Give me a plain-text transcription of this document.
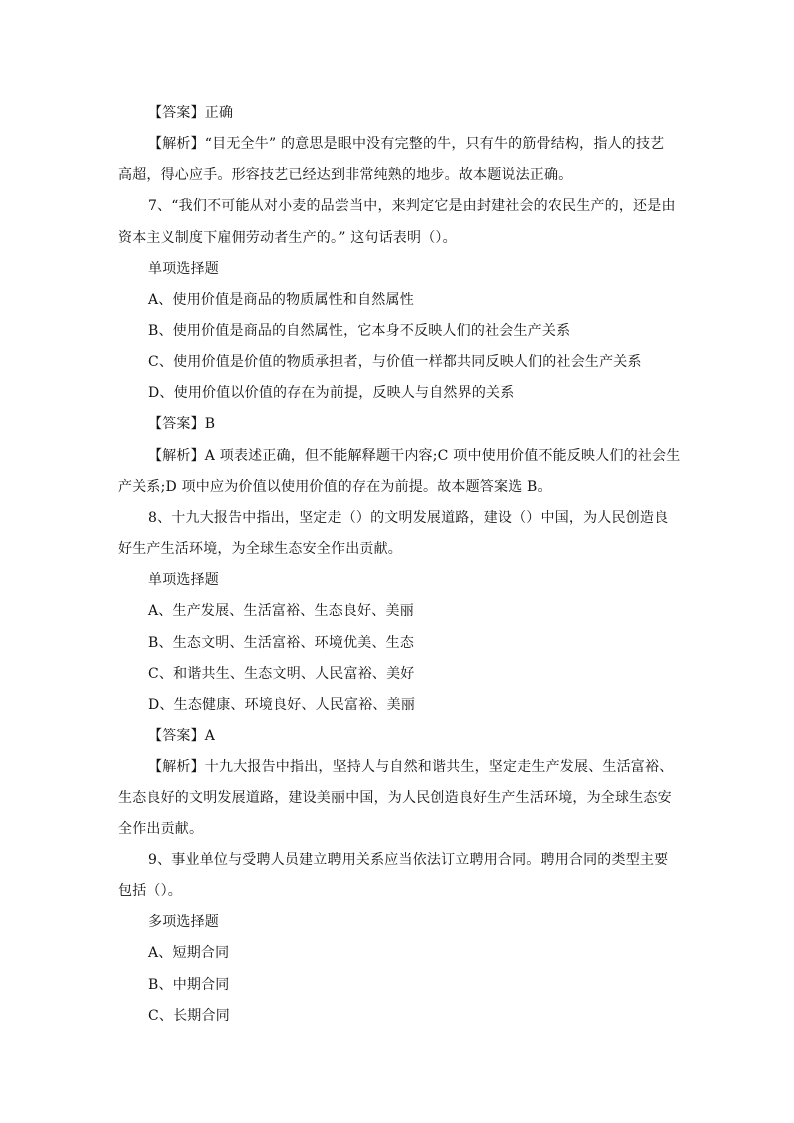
【答案】正确
【解析】“目无全牛” 的意思是眼中没有完整的牛，只有牛的筋骨结构，指人的技艺
高超，得心应手。形容技艺已经达到非常纯熟的地步。故本题说法正确。
7、“我们不可能从对小麦的品尝当中，来判定它是由封建社会的农民生产的，还是由
资本主义制度下雇佣劳动者生产的。” 这句话表明（）。
单项选择题
A、使用价值是商品的物质属性和自然属性
B、使用价值是商品的自然属性，它本身不反映人们的社会生产关系
C、使用价值是价值的物质承担者，与价值一样都共同反映人们的社会生产关系
D、使用价值以价值的存在为前提，反映人与自然界的关系
【答案】B
【解析】A 项表述正确，但不能解释题干内容;C 项中使用价值不能反映人们的社会生
产关系;D 项中应为价值以使用价值的存在为前提。故本题答案选 B。
8、十九大报告中指出，坚定走（）的文明发展道路，建设（）中国，为人民创造良
好生产生活环境，为全球生态安全作出贡献。
单项选择题
A、生产发展、生活富裕、生态良好、美丽
B、生态文明、生活富裕、环境优美、生态
C、和谐共生、生态文明、人民富裕、美好
D、生态健康、环境良好、人民富裕、美丽
【答案】A
【解析】十九大报告中指出，坚持人与自然和谐共生，坚定走生产发展、生活富裕、
生态良好的文明发展道路，建设美丽中国，为人民创造良好生产生活环境，为全球生态安
全作出贡献。
9、事业单位与受聘人员建立聘用关系应当依法订立聘用合同。聘用合同的类型主要
包括（）。
多项选择题
A、短期合同
B、中期合同
C、长期合同
